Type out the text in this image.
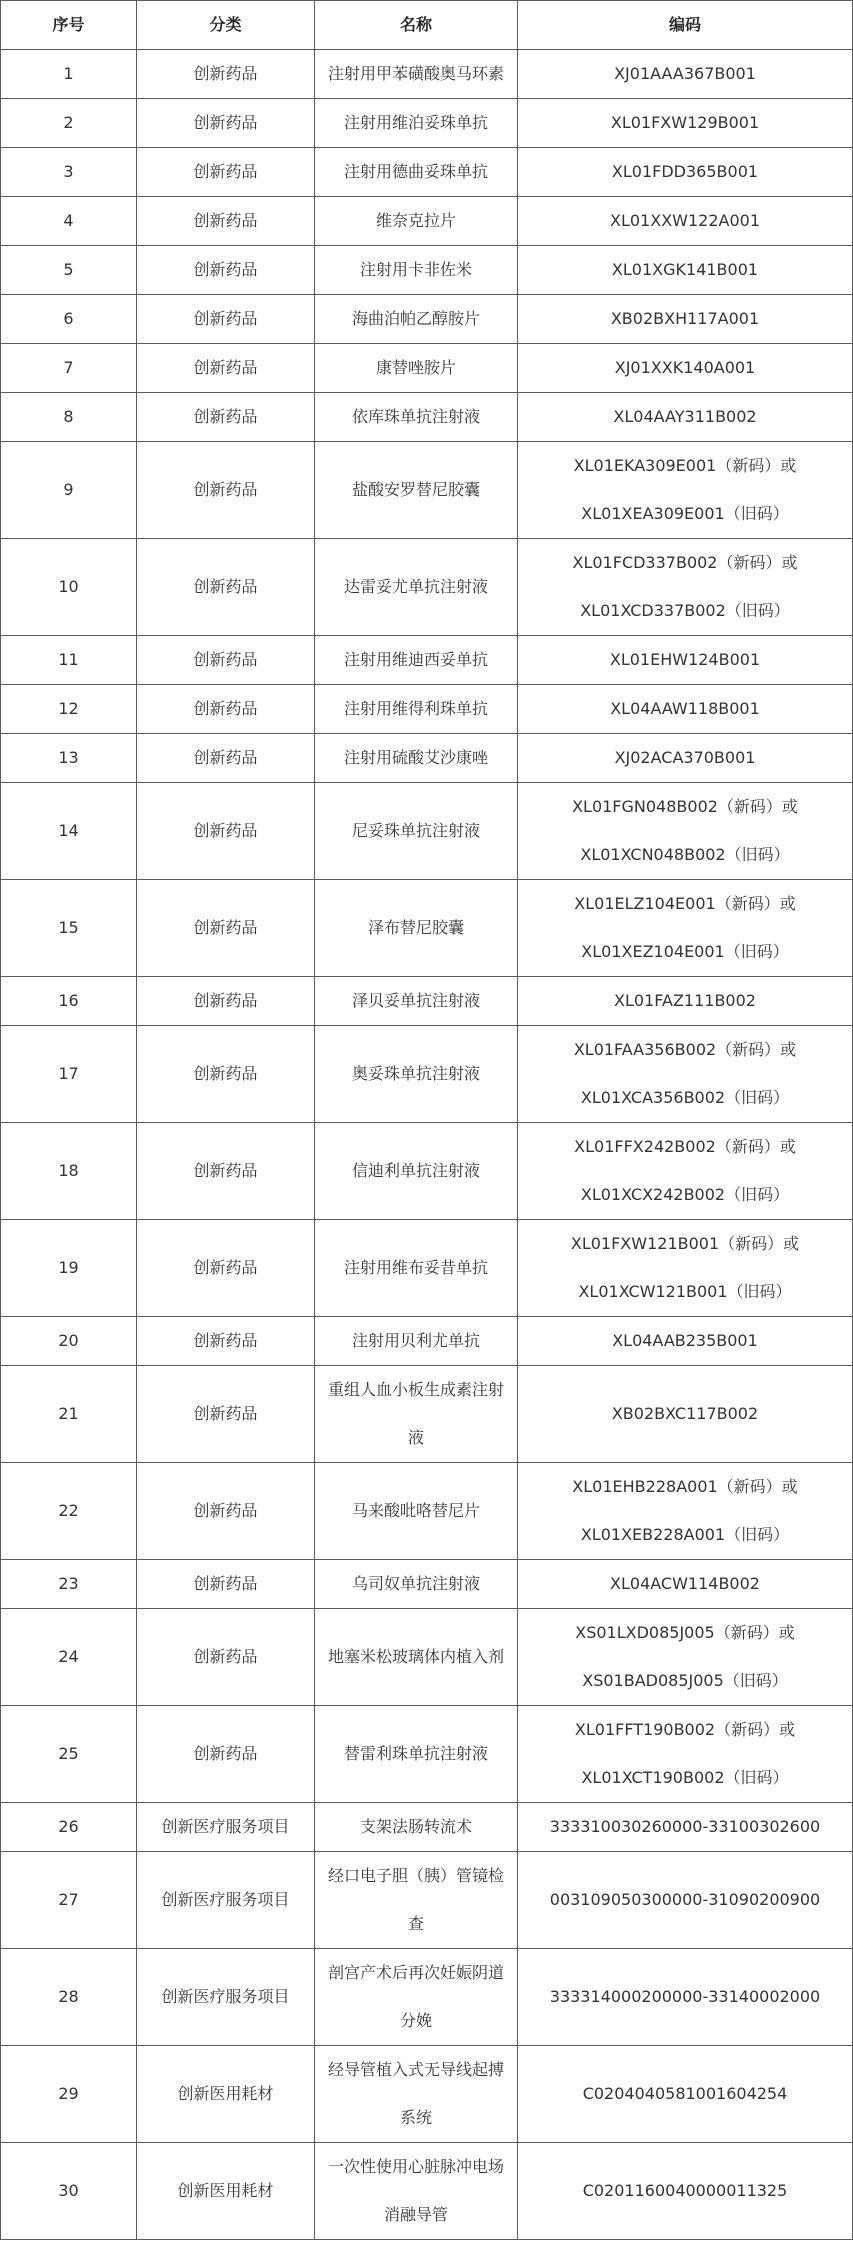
序号	分类	名称	编码
1	创新药品	注射用甲苯磺酸奥马环素	XJ01AAA367B001

2	创新药品	注射用维泊妥珠单抗	XL01FXW129B001

3	创新药品	注射用德曲妥珠单抗	XL01FDD365B001

4	创新药品	维奈克拉片	XL01XXW122A001

5	创新药品	注射用卡非佐米	XL01XGK141B001

6	创新药品	海曲泊帕乙醇胺片	XB02BXH117A001

7	创新药品	康替唑胺片	XJ01XXK140A001

8	创新药品	依库珠单抗注射液	XL04AAY311B002

9	创新药品	盐酸安罗替尼胶囊	XL01EKA309E001（新码）或
XL01XEA309E001（旧码）

10	创新药品	达雷妥尤单抗注射液	XL01FCD337B002（新码）或
XL01XCD337B002（旧码）

11	创新药品	注射用维迪西妥单抗	XL01EHW124B001

12	创新药品	注射用维得利珠单抗	XL04AAW118B001

13	创新药品	注射用硫酸艾沙康唑	XJ02ACA370B001

14	创新药品	尼妥珠单抗注射液	XL01FGN048B002（新码）或
XL01XCN048B002（旧码）

15	创新药品	泽布替尼胶囊	XL01ELZ104E001（新码）或
XL01XEZ104E001（旧码）

16	创新药品	泽贝妥单抗注射液	XL01FAZ111B002

17	创新药品	奥妥珠单抗注射液	XL01FAA356B002（新码）或
XL01XCA356B002（旧码）

18	创新药品	信迪利单抗注射液	XL01FFX242B002（新码）或
XL01XCX242B002（旧码）

19	创新药品	注射用维布妥昔单抗	XL01FXW121B001（新码）或
XL01XCW121B001（旧码）

20	创新药品	注射用贝利尤单抗	XL04AAB235B001

21	创新药品	重组人血小板生成素注射
液	XB02BXC117B002

22	创新药品	马来酸吡咯替尼片	XL01EHB228A001（新码）或
XL01XEB228A001（旧码）

23	创新药品	乌司奴单抗注射液	XL04ACW114B002

24	创新药品	地塞米松玻璃体内植入剂	XS01LXD085J005（新码）或
XS01BAD085J005（旧码）

25	创新药品	替雷利珠单抗注射液	XL01FFT190B002（新码）或
XL01XCT190B002（旧码）

26	创新医疗服务项目	支架法肠转流术	333310030260000-33100302600

27	创新医疗服务项目	经口电子胆（胰）管镜检
查	003109050300000-31090200900

28	创新医疗服务项目	剖宫产术后再次妊娠阴道
分娩	333314000200000-33140002000

29	创新医用耗材	经导管植入式无导线起搏
系统	C0204040581001604254

30	创新医用耗材	一次性使用心脏脉冲电场
消融导管	C0201160040000011325
